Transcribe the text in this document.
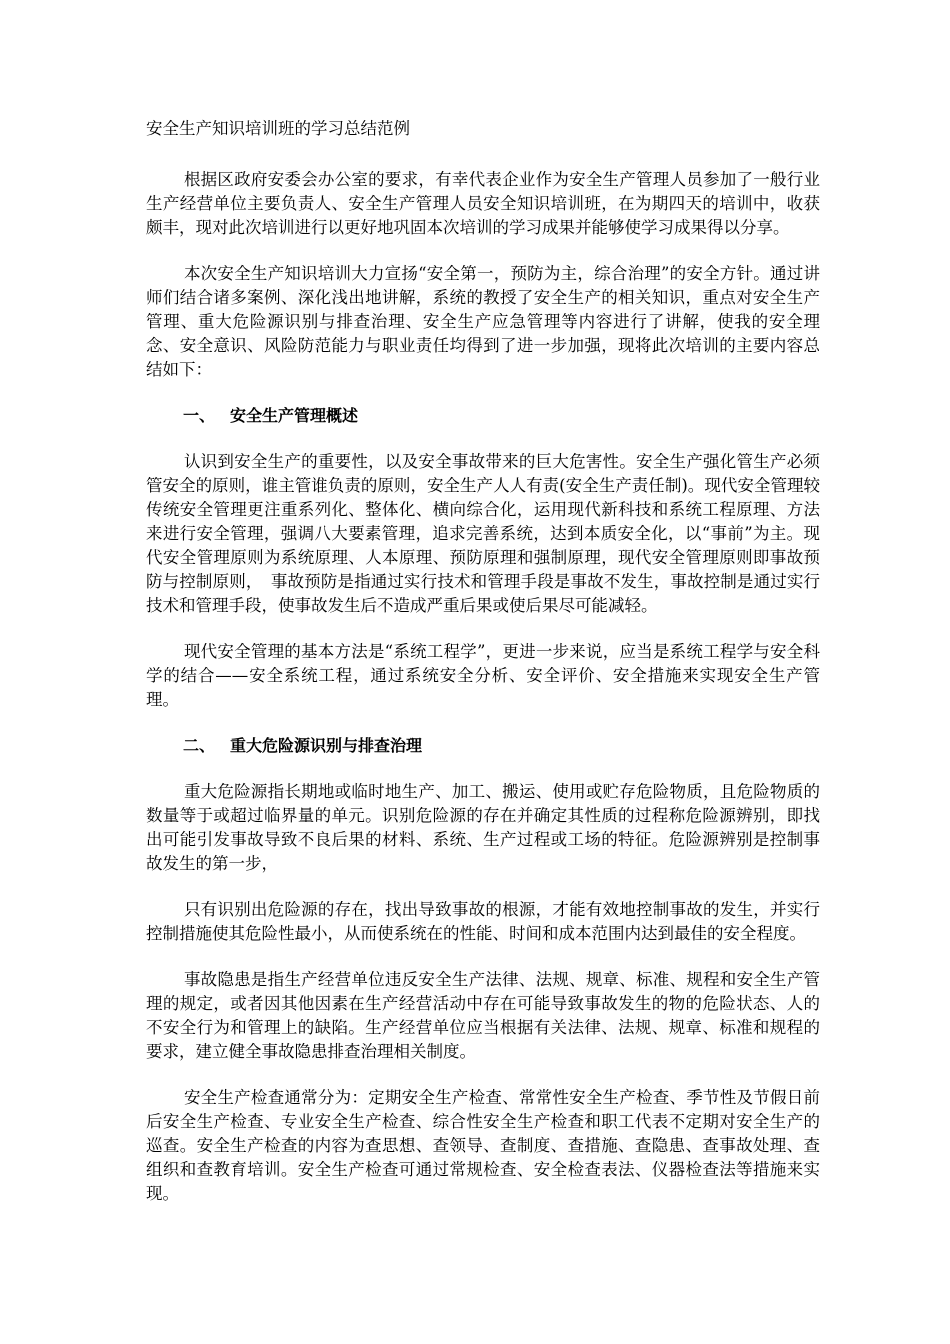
安全生产知识培训班的学习总结范例

根据区政府安委会办公室的要求，有幸代表企业作为安全生产管理人员参加了一般行业生产经营单位主要负责人、安全生产管理人员安全知识培训班，在为期四天的培训中，收获颇丰，现对此次培训进行以更好地巩固本次培训的学习成果并能够使学习成果得以分享。

本次安全生产知识培训大力宣扬“安全第一，预防为主，综合治理”的安全方针。通过讲师们结合诸多案例、深化浅出地讲解，系统的教授了安全生产的相关知识，重点对安全生产管理、重大危险源识别与排查治理、安全生产应急管理等内容进行了讲解，使我的安全理念、安全意识、风险防范能力与职业责任均得到了进一步加强，现将此次培训的主要内容总结如下：

一、 安全生产管理概述

认识到安全生产的重要性，以及安全事故带来的巨大危害性。安全生产强化管生产必须管安全的原则，谁主管谁负责的原则，安全生产人人有责(安全生产责任制)。现代安全管理较传统安全管理更注重系列化、整体化、横向综合化，运用现代新科技和系统工程原理、方法来进行安全管理，强调八大要素管理，追求完善系统，达到本质安全化，以“事前”为主。现代安全管理原则为系统原理、人本原理、预防原理和强制原理，现代安全管理原则即事故预防与控制原则，　事故预防是指通过实行技术和管理手段是事故不发生，事故控制是通过实行技术和管理手段，使事故发生后不造成严重后果或使后果尽可能减轻。

现代安全管理的基本方法是“系统工程学”，更进一步来说，应当是系统工程学与安全科学的结合——安全系统工程，通过系统安全分析、安全评价、安全措施来实现安全生产管理。

二、 重大危险源识别与排查治理

重大危险源指长期地或临时地生产、加工、搬运、使用或贮存危险物质，且危险物质的数量等于或超过临界量的单元。识别危险源的存在并确定其性质的过程称危险源辨别，即找出可能引发事故导致不良后果的材料、系统、生产过程或工场的特征。危险源辨别是控制事故发生的第一步，

只有识别出危险源的存在，找出导致事故的根源，才能有效地控制事故的发生，并实行控制措施使其危险性最小，从而使系统在的性能、时间和成本范围内达到最佳的安全程度。

事故隐患是指生产经营单位违反安全生产法律、法规、规章、标准、规程和安全生产管理的规定，或者因其他因素在生产经营活动中存在可能导致事故发生的物的危险状态、人的不安全行为和管理上的缺陷。生产经营单位应当根据有关法律、法规、规章、标准和规程的要求，建立健全事故隐患排查治理相关制度。

安全生产检查通常分为：定期安全生产检查、常常性安全生产检查、季节性及节假日前后安全生产检查、专业安全生产检查、综合性安全生产检查和职工代表不定期对安全生产的巡查。安全生产检查的内容为查思想、查领导、查制度、查措施、查隐患、查事故处理、查组织和查教育培训。安全生产检查可通过常规检查、安全检查表法、仪器检查法等措施来实现。
